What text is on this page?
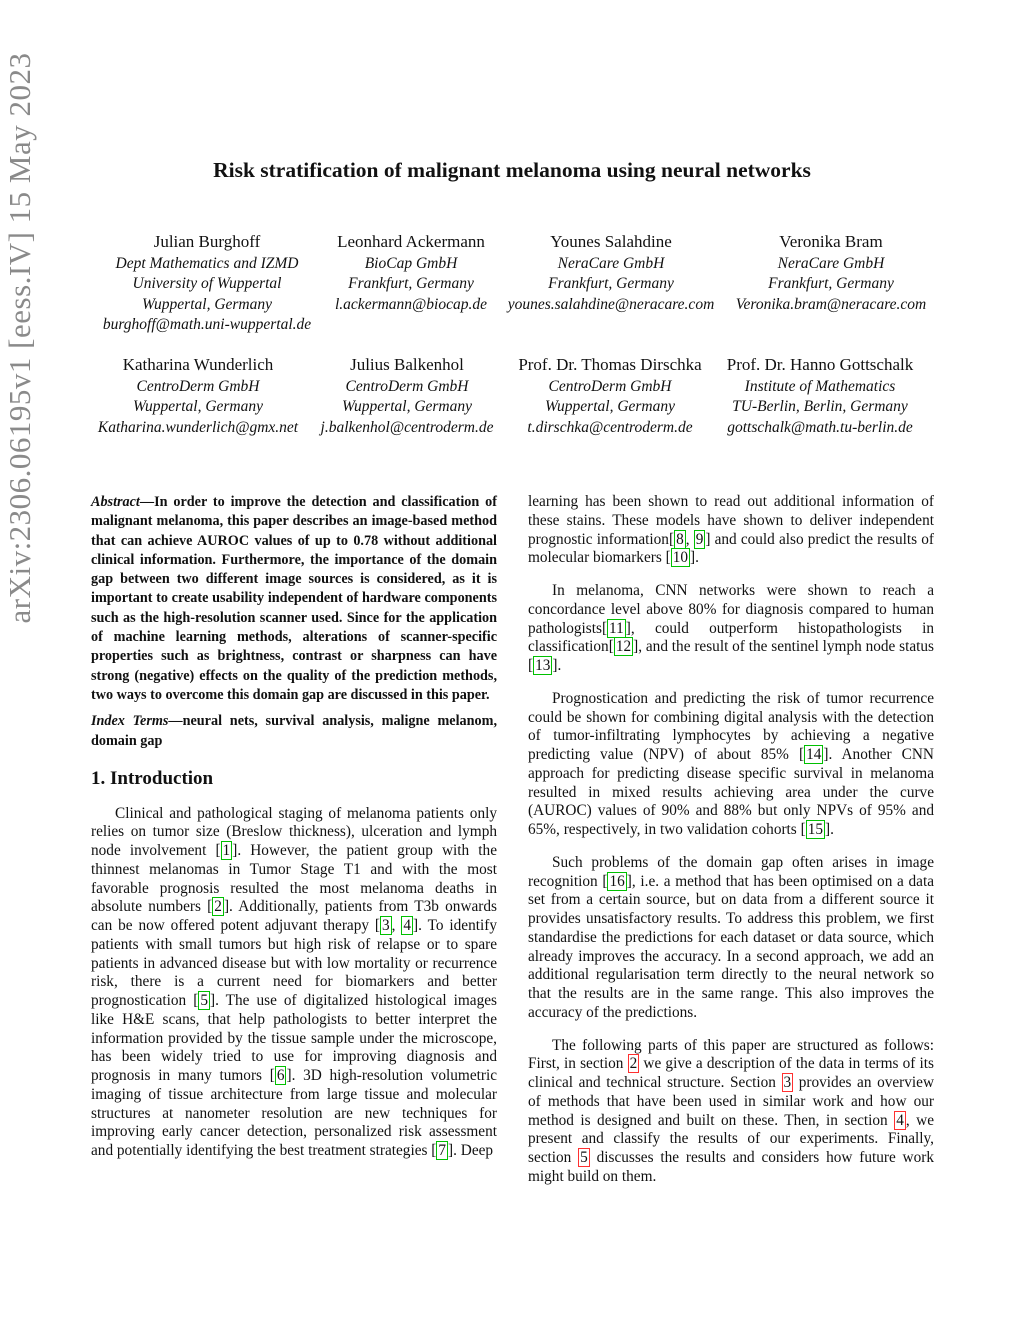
arXiv:2306.06195v1 [eess.IV] 15 May 2023	Risk stratification of malignant melanoma using neural networks
Julian Burghoff
Dept Mathematics and IZMD
University of Wuppertal
Wuppertal, Germany
burghoff@math.uni-wuppertal.de
Leonhard Ackermann
BioCap GmbH
Frankfurt, Germany
l.ackermann@biocap.de
Younes Salahdine
NeraCare GmbH
Frankfurt, Germany
younes.salahdine@neracare.com
Veronika Bram
NeraCare GmbH
Frankfurt, Germany
Veronika.bram@neracare.com
Katharina Wunderlich
CentroDerm GmbH
Wuppertal, Germany
Katharina.wunderlich@gmx.net
Julius Balkenhol
CentroDerm GmbH
Wuppertal, Germany
j.balkenhol@centroderm.de
Prof. Dr. Thomas Dirschka
CentroDerm GmbH
Wuppertal, Germany
t.dirschka@centroderm.de
Prof. Dr. Hanno Gottschalk
Institute of Mathematics
TU-Berlin, Berlin, Germany
gottschalk@math.tu-berlin.de

Abstract—In order to improve the detection and classification of malignant melanoma, this paper describes an image-based method that can achieve AUROC values of up to 0.78 without additional clinical information. Furthermore, the importance of the domain gap between two different image sources is considered, as it is important to create usability independent of hardware components such as the high-resolution scanner used. Since for the application of machine learning methods, alterations of scanner-specific properties such as brightness, contrast or sharpness can have strong (negative) effects on the quality of the prediction methods, two ways to overcome this domain gap are discussed in this paper.

Index Terms—neural nets, survival analysis, maligne melanom, domain gap

1. Introduction

Clinical and pathological staging of melanoma patients only relies on tumor size (Breslow thickness), ulceration and lymph node involvement [ 1 ]. However, the patient group with the thinnest melanomas in Tumor Stage T1 and with the most favorable prognosis resulted the most melanoma deaths in absolute numbers [ 2 ]. Additionally, patients from T3b onwards can be now offered potent adjuvant therapy [ 3 , 4 ]. To identify patients with small tumors but high risk of relapse or to spare patients in advanced disease but with low mortality or recurrence risk, there is a current need for biomarkers and better prognostication [ 5 ]. The use of digitalized histological images like H&E scans, that help pathologists to better interpret the information provided by the tissue sample under the microscope, has been widely tried to use for improving diagnosis and prognosis in many tumors [ 6 ]. 3D high-resolution volumetric imaging of tissue architecture from large tissue and molecular structures at nanometer resolution are new techniques for improving early cancer detection, personalized risk assessment and potentially identifying the best treatment strategies [ 7 ]. Deep

learning has been shown to read out additional information of these stains. These models have shown to deliver independent prognostic information[ 8 , 9 ] and could also predict the results of molecular biomarkers [ 10 ].

In melanoma, CNN networks were shown to reach a concordance level above 80% for diagnosis compared to human pathologists[ 11 ], could outperform histopathologists in classification[ 12 ], and the result of the sentinel lymph node status [ 13 ].

Prognostication and predicting the risk of tumor recurrence could be shown for combining digital analysis with the detection of tumor-infiltrating lymphocytes by achieving a negative predicting value (NPV) of about 85% [ 14 ]. Another CNN approach for predicting disease specific survival in melanoma resulted in mixed results achieving area under the curve (AUROC) values of 90% and 88% but only NPVs of 95% and 65%, respectively, in two validation cohorts [ 15 ].

Such problems of the domain gap often arises in image recognition [ 16 ], i.e. a method that has been optimised on a data set from a certain source, but on data from a different source it provides unsatisfactory results. To address this problem, we first standardise the predictions for each dataset or data source, which already improves the accuracy. In a second approach, we add an additional regularisation term directly to the neural network so that the results are in the same range. This also improves the accuracy of the predictions.

The following parts of this paper are structured as follows: First, in section 2 we give a description of the data in terms of its clinical and technical structure. Section 3 provides an overview of methods that have been used in similar work and how our method is designed and built on these. Then, in section 4 , we present and classify the results of our experiments. Finally, section 5 discusses the results and considers how future work might build on them.
